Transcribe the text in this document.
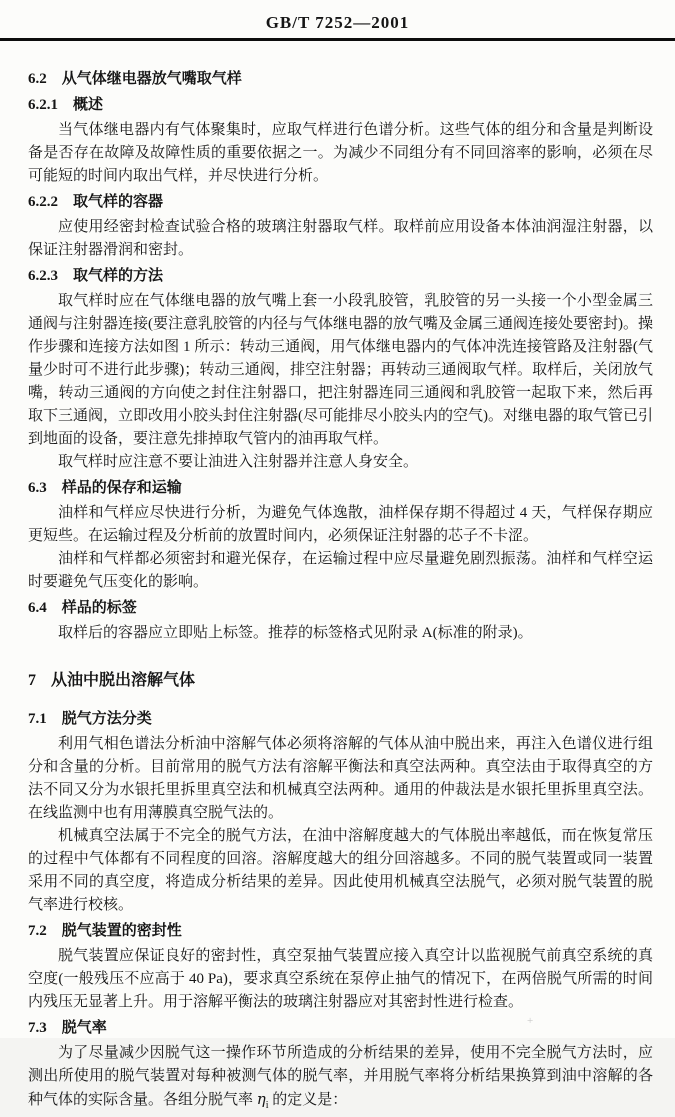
GB/T 7252—2001
6.2 从气体继电器放气嘴取气样
6.2.1 概述

当气体继电器内有气体聚集时，应取气样进行色谱分析。这些气体的组分和含量是判断设备是否存在故障及故障性质的重要依据之一。为减少不同组分有不同回溶率的影响，必须在尽可能短的时间内取出气样，并尽快进行分析。

6.2.2 取气样的容器

应使用经密封检查试验合格的玻璃注射器取气样。取样前应用设备本体油润湿注射器，以保证注射器滑润和密封。

6.2.3 取气样的方法

取气样时应在气体继电器的放气嘴上套一小段乳胶管，乳胶管的另一头接一个小型金属三通阀与注射器连接(要注意乳胶管的内径与气体继电器的放气嘴及金属三通阀连接处要密封)。操作步骤和连接方法如图 1 所示：转动三通阀，用气体继电器内的气体冲洗连接管路及注射器(气量少时可不进行此步骤)；转动三通阀，排空注射器；再转动三通阀取气样。取样后，关闭放气嘴，转动三通阀的方向使之封住注射器口，把注射器连同三通阀和乳胶管一起取下来，然后再取下三通阀，立即改用小胶头封住注射器(尽可能排尽小胶头内的空气)。对继电器的取气管已引到地面的设备，要注意先排掉取气管内的油再取气样。

取气样时应注意不要让油进入注射器并注意人身安全。

6.3 样品的保存和运输

油样和气样应尽快进行分析，为避免气体逸散，油样保存期不得超过 4 天，气样保存期应更短些。在运输过程及分析前的放置时间内，必须保证注射器的芯子不卡涩。

油样和气样都必须密封和避光保存，在运输过程中应尽量避免剧烈振荡。油样和气样空运时要避免气压变化的影响。

6.4 样品的标签

取样后的容器应立即贴上标签。推荐的标签格式见附录 A(标准的附录)。

7 从油中脱出溶解气体
7.1 脱气方法分类

利用气相色谱法分析油中溶解气体必须将溶解的气体从油中脱出来，再注入色谱仪进行组分和含量的分析。目前常用的脱气方法有溶解平衡法和真空法两种。真空法由于取得真空的方法不同又分为水银托里拆里真空法和机械真空法两种。通用的仲裁法是水银托里拆里真空法。在线监测中也有用薄膜真空脱气法的。

机械真空法属于不完全的脱气方法，在油中溶解度越大的气体脱出率越低，而在恢复常压的过程中气体都有不同程度的回溶。溶解度越大的组分回溶越多。不同的脱气装置或同一装置采用不同的真空度，将造成分析结果的差异。因此使用机械真空法脱气，必须对脱气装置的脱气率进行校核。

7.2 脱气装置的密封性

脱气装置应保证良好的密封性，真空泵抽气装置应接入真空计以监视脱气前真空系统的真空度(一般残压不应高于 40 Pa)，要求真空系统在泵停止抽气的情况下，在两倍脱气所需的时间内残压无显著上升。用于溶解平衡法的玻璃注射器应对其密封性进行检查。

7.3 脱气率

为了尽量减少因脱气这一操作环节所造成的分析结果的差异，使用不完全脱气方法时，应测出所使用的脱气装置对每种被测气体的脱气率，并用脱气率将分析结果换算到油中溶解的各种气体的实际含量。各组分脱气率 $\eta_i$ 的定义是：

+
